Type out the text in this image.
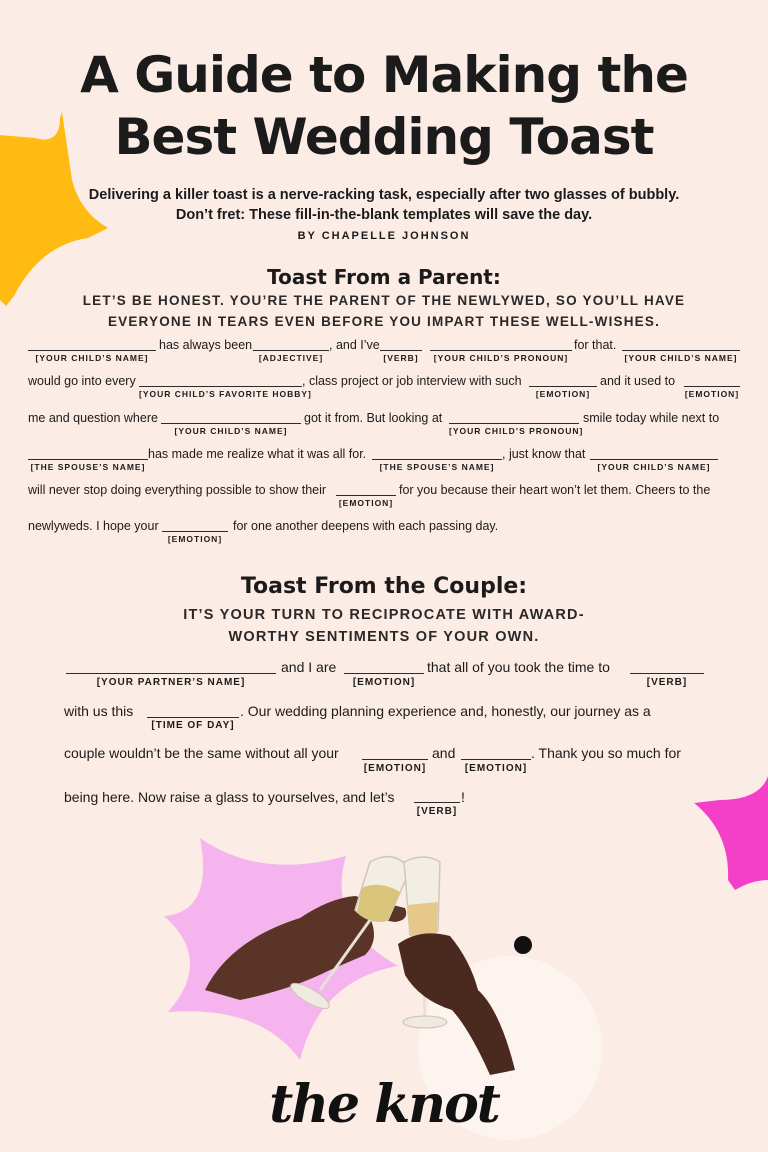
A Guide to Making the
Best Wedding Toast
Delivering a killer toast is a nerve-racking task, especially after two glasses of bubbly. Don’t fret: These fill-in-the-blank templates will save the day.
BY CHAPELLE JOHNSON
Toast From a Parent:
LET’S BE HONEST. YOU’RE THE PARENT OF THE NEWLYWED, SO YOU’LL HAVE
EVERYONE IN TEARS EVEN BEFORE YOU IMPART THESE WELL-WISHES.
[YOUR CHILD’S NAME]
has always been
[ADJECTIVE]
, and I’ve
[VERB]	[YOUR CHILD’S PRONOUN]
for that.
[YOUR CHILD’S NAME]
would go into every
[YOUR CHILD’S FAVORITE HOBBY]
, class project or job interview with such
[EMOTION]
and it used to
[EMOTION]
me and question where
[YOUR CHILD’S NAME]
got it from. But looking at
[YOUR CHILD’S PRONOUN]
smile today while next to
[THE SPOUSE’S NAME]
has made me realize what it was all for.
[THE SPOUSE’S NAME]
, just know that
[YOUR CHILD’S NAME]
will never stop doing everything possible to show their
[EMOTION]
for you because their heart won’t let them. Cheers to the
newlyweds. I hope your
[EMOTION]
for one another deepens with each passing day.
Toast From the Couple:
IT’S YOUR TURN TO RECIPROCATE WITH AWARD-
WORTHY SENTIMENTS OF YOUR OWN.
[YOUR PARTNER’S NAME]
and I are
[EMOTION]
that all of you took the time to
[VERB]
with us this
[TIME OF DAY]
. Our wedding planning experience and, honestly, our journey as a
couple wouldn’t be the same without all your
[EMOTION]
and
[EMOTION]
. Thank you so much for
being here. Now raise a glass to yourselves, and let’s
[VERB]
!
the knot
